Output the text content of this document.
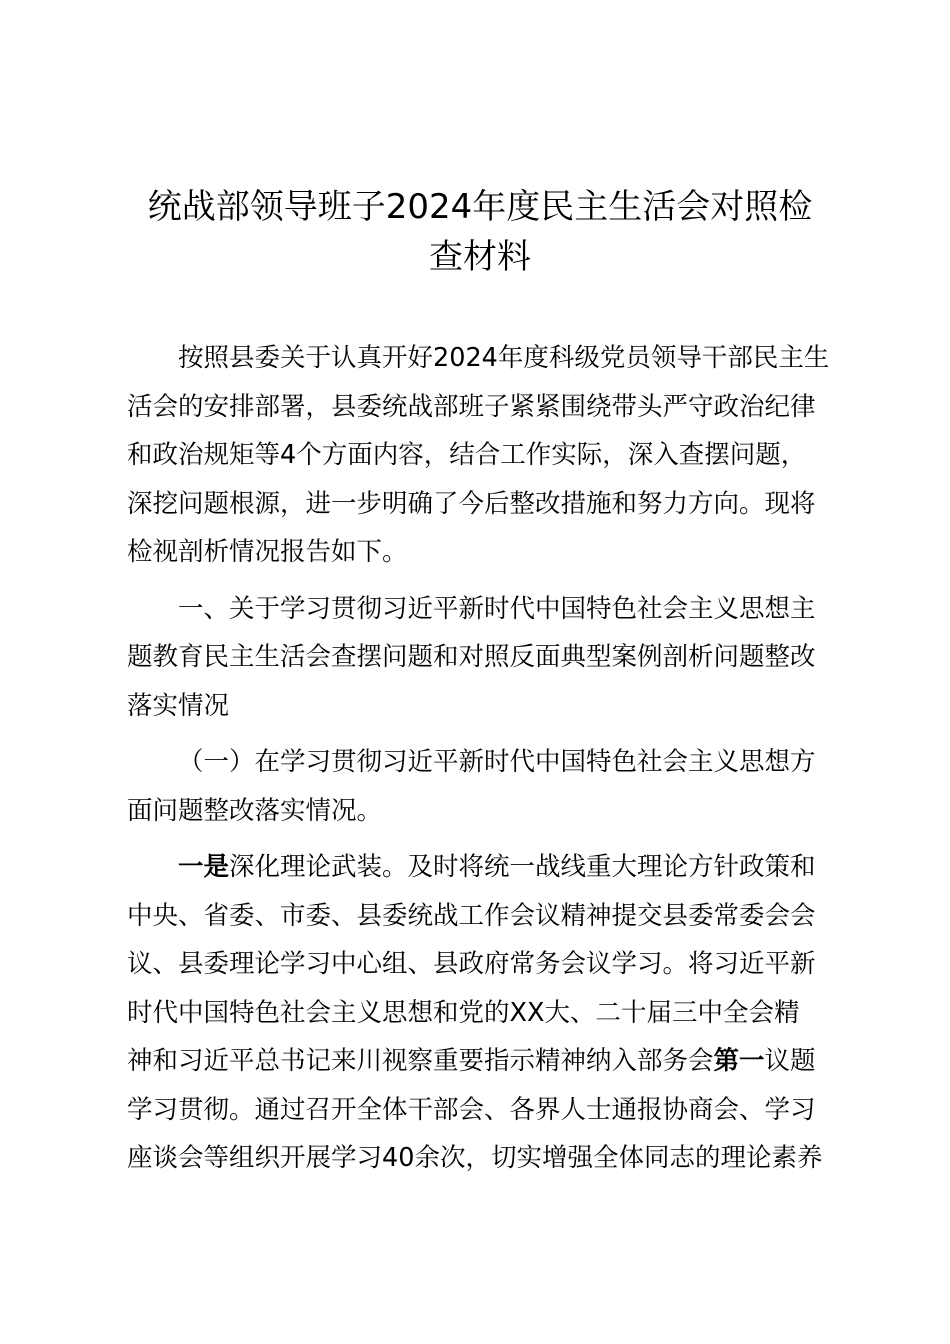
统战部领导班子2024年度民主生活会对照检
查材料

按照县委关于认真开好2024年度科级党员领导干部民主生
活会的安排部署，县委统战部班子紧紧围绕带头严守政治纪律
和政治规矩等4个方面内容，结合工作实际，深入查摆问题，
深挖问题根源，进一步明确了今后整改措施和努力方向。现将
检视剖析情况报告如下。

一、关于学习贯彻习近平新时代中国特色社会主义思想主
题教育民主生活会查摆问题和对照反面典型案例剖析问题整改
落实情况

（一）在学习贯彻习近平新时代中国特色社会主义思想方
面问题整改落实情况。

一是深化理论武装。及时将统一战线重大理论方针政策和
中央、省委、市委、县委统战工作会议精神提交县委常委会会
议、县委理论学习中心组、县政府常务会议学习。将习近平新
时代中国特色社会主义思想和党的XX大、二十届三中全会精
神和习近平总书记来川视察重要指示精神纳入部务会第一议题
学习贯彻。通过召开全体干部会、各界人士通报协商会、学习
座谈会等组织开展学习40余次，切实增强全体同志的理论素养
